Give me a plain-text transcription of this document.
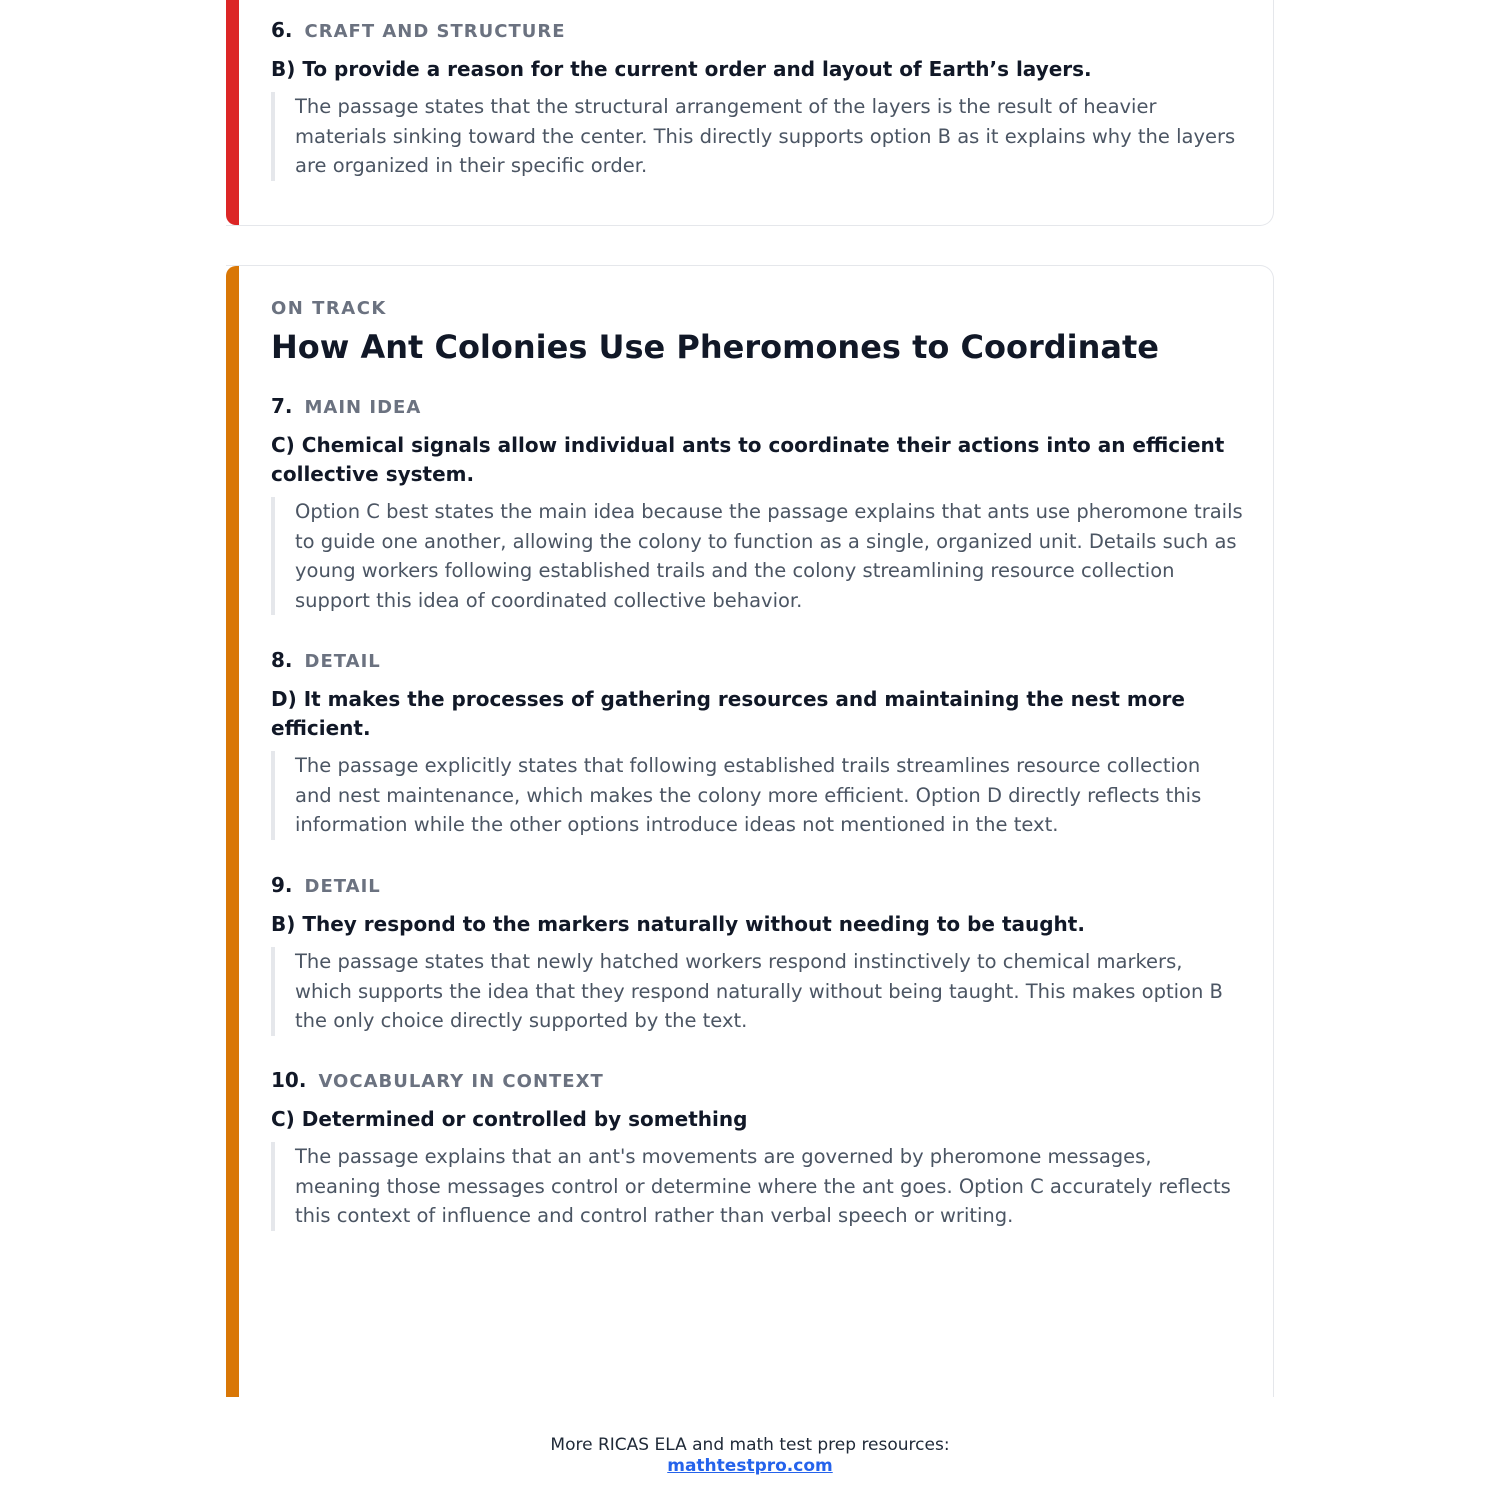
6. CRAFT AND STRUCTURE
B) To provide a reason for the current order and layout of Earth’s layers.
The passage states that the structural arrangement of the layers is the result of heavier materials sinking toward the center. This directly supports option B as it explains why the layers are organized in their specific order.
ON TRACK
How Ant Colonies Use Pheromones to Coordinate
7. MAIN IDEA
C) Chemical signals allow individual ants to coordinate their actions into an efficient collective system.
Option C best states the main idea because the passage explains that ants use pheromone trails to guide one another, allowing the colony to function as a single, organized unit. Details such as young workers following established trails and the colony streamlining resource collection support this idea of coordinated collective behavior.
8. DETAIL
D) It makes the processes of gathering resources and maintaining the nest more efficient.
The passage explicitly states that following established trails streamlines resource collection and nest maintenance, which makes the colony more efficient. Option D directly reflects this information while the other options introduce ideas not mentioned in the text.
9. DETAIL
B) They respond to the markers naturally without needing to be taught.
The passage states that newly hatched workers respond instinctively to chemical markers, which supports the idea that they respond naturally without being taught. This makes option B the only choice directly supported by the text.
10. VOCABULARY IN CONTEXT
C) Determined or controlled by something
The passage explains that an ant's movements are governed by pheromone messages, meaning those messages control or determine where the ant goes. Option C accurately reflects this context of influence and control rather than verbal speech or writing.
More RICAS ELA and math test prep resources:
mathtestpro.com
